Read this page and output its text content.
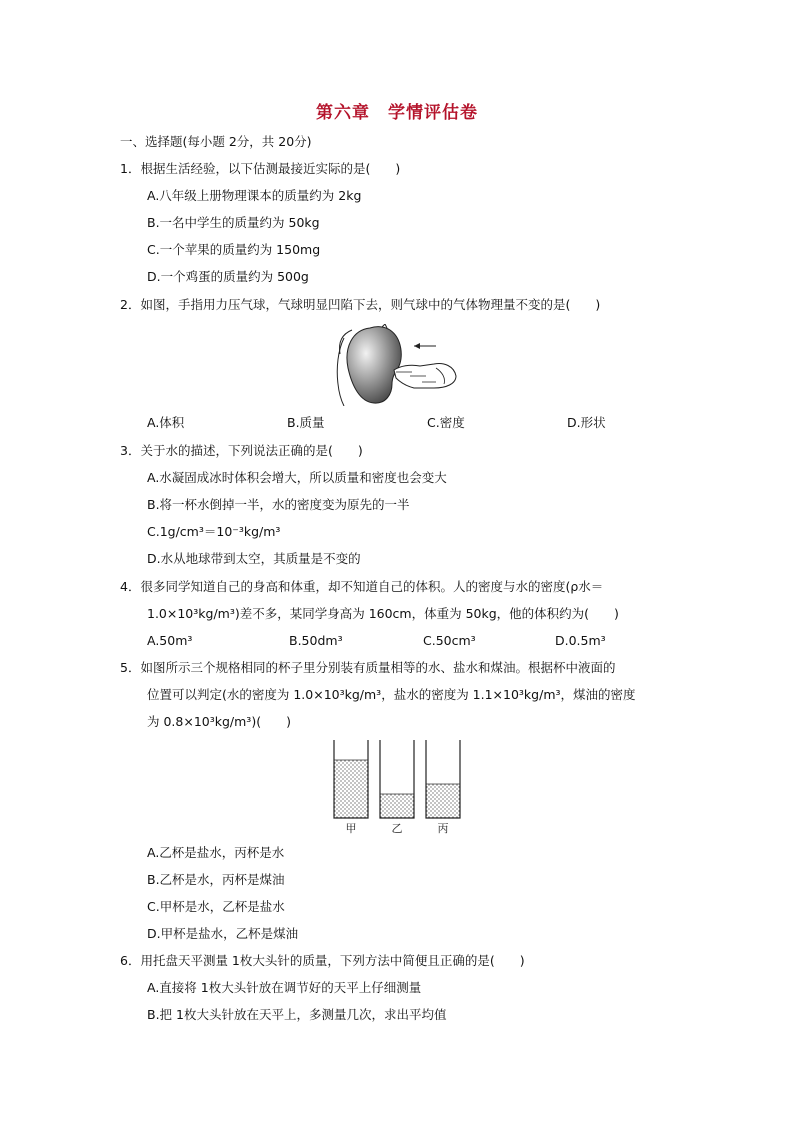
第六章　学情评估卷
一、选择题(每小题 2分，共 20分)
1．根据生活经验，以下估测最接近实际的是(　　)
A.八年级上册物理课本的质量约为 2kg
B.一名中学生的质量约为 50kg
C.一个苹果的质量约为 150mg
D.一个鸡蛋的质量约为 500g
2．如图，手指用力压气球，气球明显凹陷下去，则气球中的气体物理量不变的是(　　)
A.体积	B.质量	C.密度	D.形状
3．关于水的描述，下列说法正确的是(　　)
A.水凝固成冰时体积会增大，所以质量和密度也会变大
B.将一杯水倒掉一半，水的密度变为原先的一半
C.1g/cm³＝10⁻³kg/m³
D.水从地球带到太空，其质量是不变的
4．很多同学知道自己的身高和体重，却不知道自己的体积。人的密度与水的密度(ρ水＝
1.0×10³kg/m³)差不多，某同学身高为 160cm，体重为 50kg，他的体积约为(　　)
A.50m³	B.50dm³	C.50cm³	D.0.5m³
5．如图所示三个规格相同的杯子里分别装有质量相等的水、盐水和煤油。根据杯中液面的
位置可以判定(水的密度为 1.0×10³kg/m³，盐水的密度为 1.1×10³kg/m³，煤油的密度
为 0.8×10³kg/m³)(　　)
甲	乙	丙
A.乙杯是盐水，丙杯是水
B.乙杯是水，丙杯是煤油
C.甲杯是水，乙杯是盐水
D.甲杯是盐水，乙杯是煤油
6．用托盘天平测量 1枚大头针的质量，下列方法中简便且正确的是(　　)
A.直接将 1枚大头针放在调节好的天平上仔细测量
B.把 1枚大头针放在天平上，多测量几次，求出平均值
